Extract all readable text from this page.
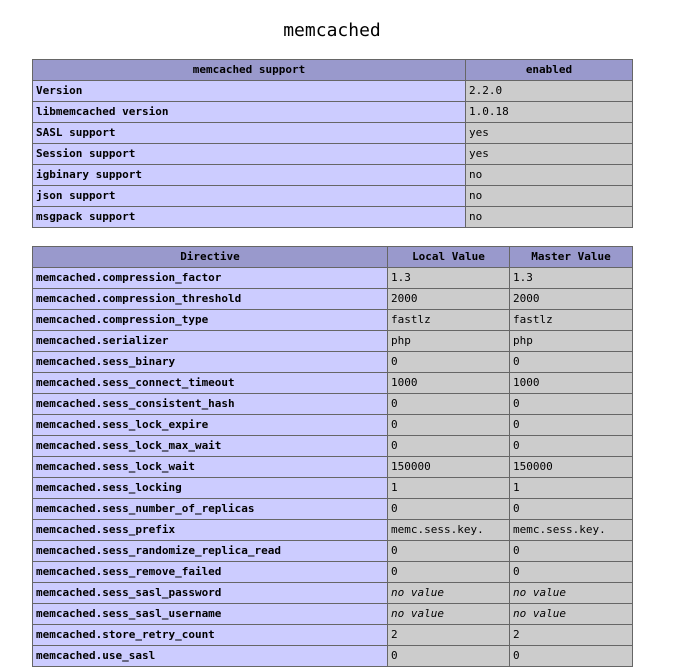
memcached
memcached support	enabled
Version	2.2.0
libmemcached version	1.0.18
SASL support	yes
Session support	yes
igbinary support	no
json support	no
msgpack support	no
Directive	Local Value	Master Value
memcached.compression_factor	1.3	1.3
memcached.compression_threshold	2000	2000
memcached.compression_type	fastlz	fastlz
memcached.serializer	php	php
memcached.sess_binary	0	0
memcached.sess_connect_timeout	1000	1000
memcached.sess_consistent_hash	0	0
memcached.sess_lock_expire	0	0
memcached.sess_lock_max_wait	0	0
memcached.sess_lock_wait	150000	150000
memcached.sess_locking	1	1
memcached.sess_number_of_replicas	0	0
memcached.sess_prefix	memc.sess.key.	memc.sess.key.
memcached.sess_randomize_replica_read	0	0
memcached.sess_remove_failed	0	0
memcached.sess_sasl_password	no value	no value
memcached.sess_sasl_username	no value	no value
memcached.store_retry_count	2	2
memcached.use_sasl	0	0
